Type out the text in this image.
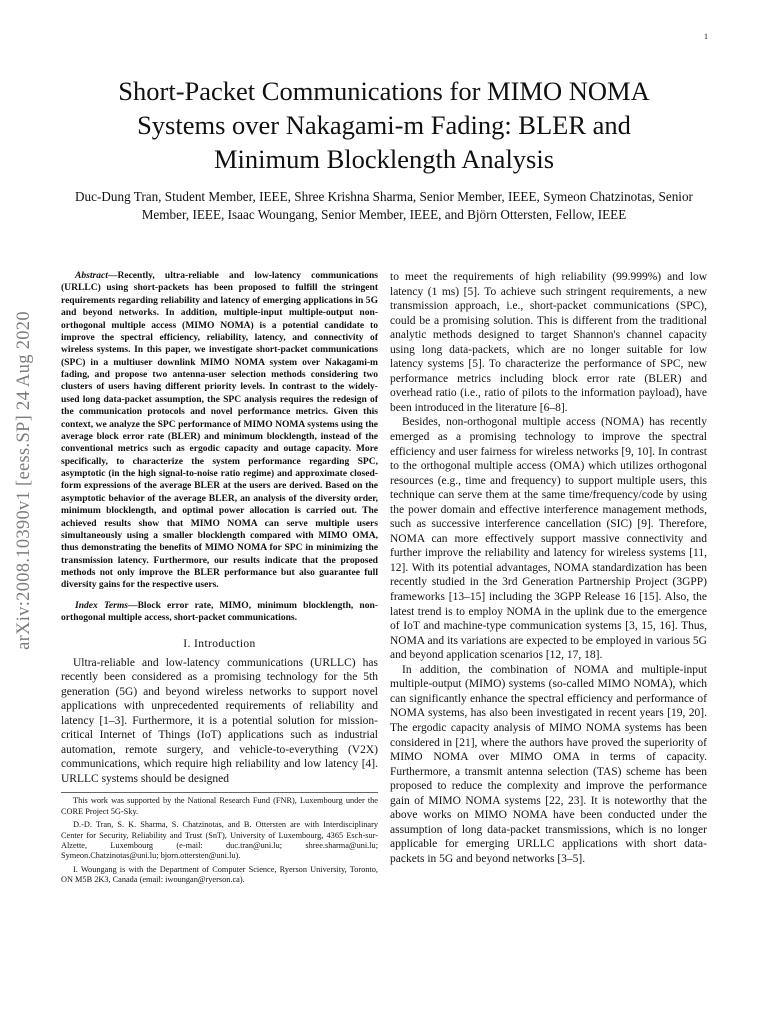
1
arXiv:2008.10390v1 [eess.SP] 24 Aug 2020
Short-Packet Communications for MIMO NOMA
Systems over Nakagami-m Fading: BLER and
Minimum Blocklength Analysis
Duc-Dung Tran, Student Member, IEEE, Shree Krishna Sharma, Senior Member, IEEE, Symeon Chatzinotas, Senior Member, IEEE, Isaac Woungang, Senior Member, IEEE, and Björn Ottersten, Fellow, IEEE

Abstract—Recently, ultra-reliable and low-latency communications (URLLC) using short-packets has been proposed to fulfill the stringent requirements regarding reliability and latency of emerging applications in 5G and beyond networks. In addition, multiple-input multiple-output non-orthogonal multiple access (MIMO NOMA) is a potential candidate to improve the spectral efficiency, reliability, latency, and connectivity of wireless systems. In this paper, we investigate short-packet communications (SPC) in a multiuser downlink MIMO NOMA system over Nakagami-m fading, and propose two antenna-user selection methods considering two clusters of users having different priority levels. In contrast to the widely-used long data-packet assumption, the SPC analysis requires the redesign of the communication protocols and novel performance metrics. Given this context, we analyze the SPC performance of MIMO NOMA systems using the average block error rate (BLER) and minimum blocklength, instead of the conventional metrics such as ergodic capacity and outage capacity. More specifically, to characterize the system performance regarding SPC, asymptotic (in the high signal-to-noise ratio regime) and approximate closed-form expressions of the average BLER at the users are derived. Based on the asymptotic behavior of the average BLER, an analysis of the diversity order, minimum blocklength, and optimal power allocation is carried out. The achieved results show that MIMO NOMA can serve multiple users simultaneously using a smaller blocklength compared with MIMO OMA, thus demonstrating the benefits of MIMO NOMA for SPC in minimizing the transmission latency. Furthermore, our results indicate that the proposed methods not only improve the BLER performance but also guarantee full diversity gains for the respective users.

Index Terms—Block error rate, MIMO, minimum blocklength, non-orthogonal multiple access, short-packet communications.

I. Introduction

Ultra-reliable and low-latency communications (URLLC) has recently been considered as a promising technology for the 5th generation (5G) and beyond wireless networks to support novel applications with unprecedented requirements of reliability and latency [1–3]. Furthermore, it is a potential solution for mission-critical Internet of Things (IoT) applications such as industrial automation, remote surgery, and vehicle-to-everything (V2X) communications, which require high reliability and low latency [4]. URLLC systems should be designed

This work was supported by the National Research Fund (FNR), Luxembourg under the CORE Project 5G-Sky.

D.-D. Tran, S. K. Sharma, S. Chatzinotas, and B. Ottersten are with Interdisciplinary Center for Security, Reliability and Trust (SnT), University of Luxembourg, 4365 Esch-sur-Alzette, Luxembourg (e-mail: duc.tran@uni.lu; shree.sharma@uni.lu; Symeon.Chatzinotas@uni.lu; bjorn.ottersten@uni.lu).

I. Woungang is with the Department of Computer Science, Ryerson University, Toronto, ON M5B 2K3, Canada (email: iwoungan@ryerson.ca).

to meet the requirements of high reliability (99.999%) and low latency (1 ms) [5]. To achieve such stringent requirements, a new transmission approach, i.e., short-packet communications (SPC), could be a promising solution. This is different from the traditional analytic methods designed to target Shannon's channel capacity using long data-packets, which are no longer suitable for low latency systems [5]. To characterize the performance of SPC, new performance metrics including block error rate (BLER) and overhead ratio (i.e., ratio of pilots to the information payload), have been introduced in the literature [6–8].

Besides, non-orthogonal multiple access (NOMA) has recently emerged as a promising technology to improve the spectral efficiency and user fairness for wireless networks [9, 10]. In contrast to the orthogonal multiple access (OMA) which utilizes orthogonal resources (e.g., time and frequency) to support multiple users, this technique can serve them at the same time/frequency/code by using the power domain and effective interference management methods, such as successive interference cancellation (SIC) [9]. Therefore, NOMA can more effectively support massive connectivity and further improve the reliability and latency for wireless systems [11, 12]. With its potential advantages, NOMA standardization has been recently studied in the 3rd Generation Partnership Project (3GPP) frameworks [13–15] including the 3GPP Release 16 [15]. Also, the latest trend is to employ NOMA in the uplink due to the emergence of IoT and machine-type communication systems [3, 15, 16]. Thus, NOMA and its variations are expected to be employed in various 5G and beyond application scenarios [12, 17, 18].

In addition, the combination of NOMA and multiple-input multiple-output (MIMO) systems (so-called MIMO NOMA), which can significantly enhance the spectral efficiency and performance of NOMA systems, has also been investigated in recent years [19, 20]. The ergodic capacity analysis of MIMO NOMA systems has been considered in [21], where the authors have proved the superiority of MIMO NOMA over MIMO OMA in terms of capacity. Furthermore, a transmit antenna selection (TAS) scheme has been proposed to reduce the complexity and improve the performance gain of MIMO NOMA systems [22, 23]. It is noteworthy that the above works on MIMO NOMA have been conducted under the assumption of long data-packet transmissions, which is no longer applicable for emerging URLLC applications with short data-packets in 5G and beyond networks [3–5].
